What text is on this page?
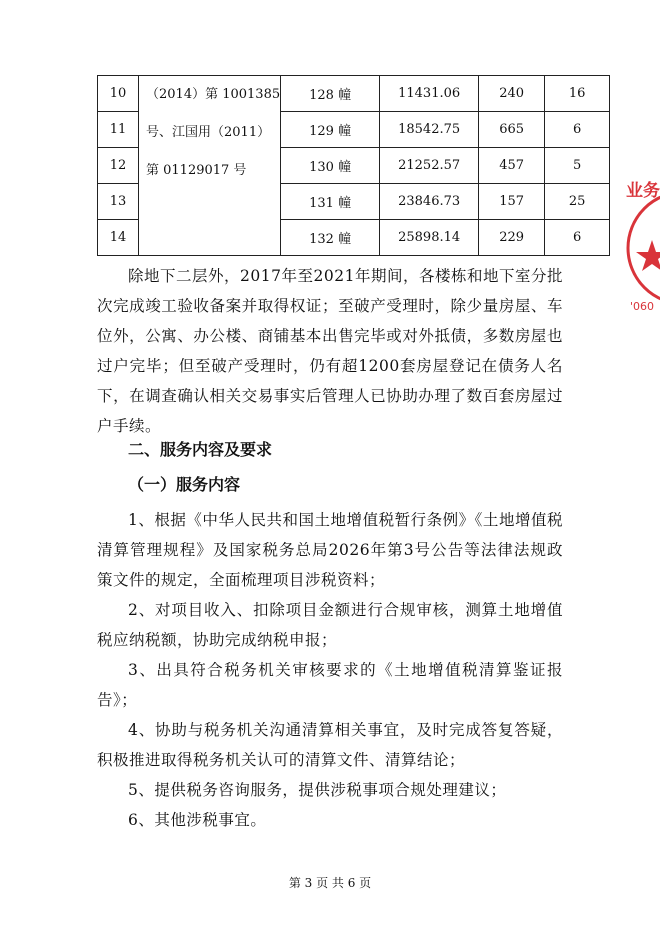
10	（2014）第 1001385
号、江国用（2011）
第 01129017 号	128 幢	11431.06	240	16
11		129 幢	18542.75	665	6
12		130 幢	21252.57	457	5
13		131 幢	23846.73	157	25
14		132 幢	25898.14	229	6

除地下二层外，2017年至2021年期间，各楼栋和地下室分批次完成竣工验收备案并取得权证；至破产受理时，除少量房屋、车位外，公寓、办公楼、商铺基本出售完毕或对外抵债，多数房屋也过户完毕；但至破产受理时，仍有超1200套房屋登记在债务人名下，在调查确认相关交易事实后管理人已协助办理了数百套房屋过户手续。

二、服务内容及要求
（一）服务内容

1、根据《中华人民共和国土地增值税暂行条例》《土地增值税清算管理规程》及国家税务总局2026年第3号公告等法律法规政策文件的规定，全面梳理项目涉税资料；

2、对项目收入、扣除项目金额进行合规审核，测算土地增值税应纳税额，协助完成纳税申报；

3、出具符合税务机关审核要求的《土地增值税清算鉴证报告》；

4、协助与税务机关沟通清算相关事宜，及时完成答复答疑，积极推进取得税务机关认可的清算文件、清算结论；

5、提供税务咨询服务，提供涉税事项合规处理建议；

6、其他涉税事宜。

第 3 页 共 6 页
业务
'060
